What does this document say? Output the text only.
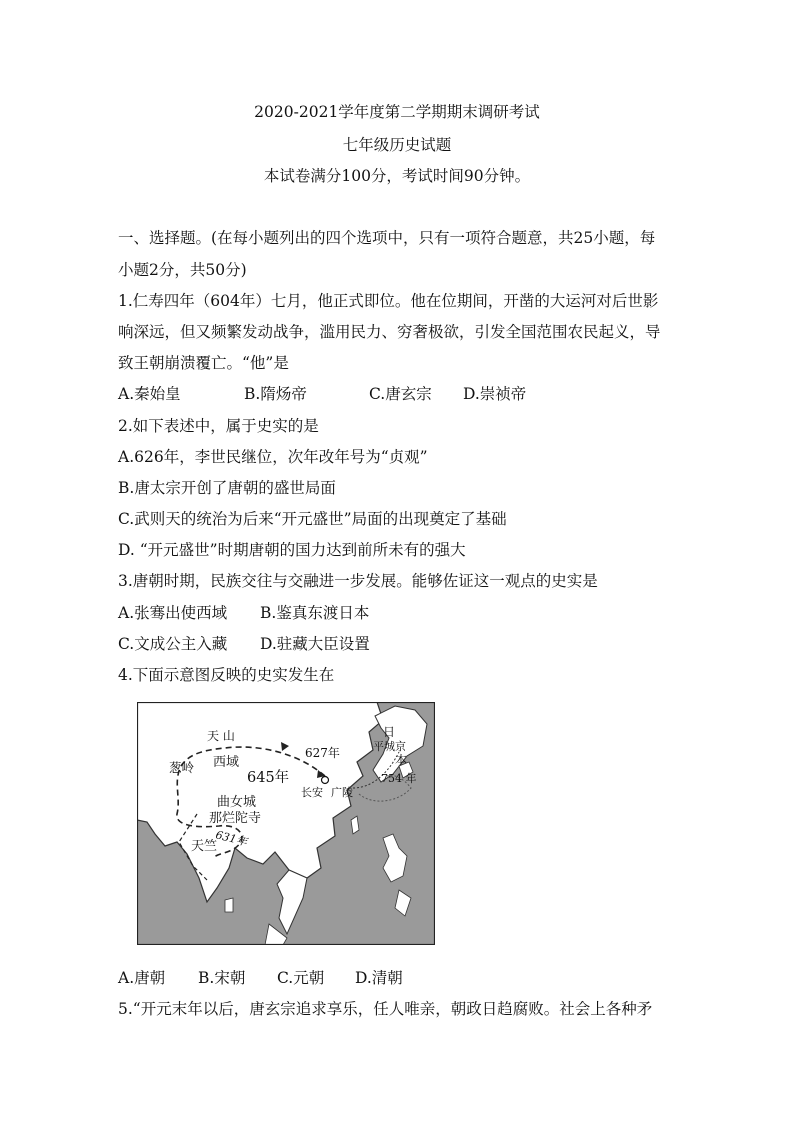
2020-2021学年度第二学期期末调研考试
七年级历史试题
本试卷满分100分，考试时间90分钟。
一、选择题。(在每小题列出的四个选项中，只有一项符合题意，共25小题，每
小题2分，共50分)
1.仁寿四年（604年）七月，他正式即位。他在位期间，开凿的大运河对后世影
响深远，但又频繁发动战争，滥用民力、穷奢极欲，引发全国范围农民起义，导
致王朝崩溃覆亡。“他”是
A.秦始皇	B.隋炀帝	C.唐玄宗 D.崇祯帝
2.如下表述中，属于史实的是
A.626年，李世民继位，次年改年号为“贞观”
B.唐太宗开创了唐朝的盛世局面
C.武则天的统治为后来“开元盛世”局面的出现奠定了基础
D. “开元盛世”时期唐朝的国力达到前所未有的强大
3.唐朝时期，民族交往与交融进一步发展。能够佐证这一观点的史实是
A.张骞出使西域 B.鉴真东渡日本
C.文成公主入藏 D.驻藏大臣设置
4.下面示意图反映的史实发生在
天 山
葱岭 西域
645年
627年
长安 广陵
曲女城
那烂陀寺
631年
天竺
日
平城京
本
754 年
A.唐朝 B.宋朝 C.元朝 D.清朝
5.“开元末年以后，唐玄宗追求享乐，任人唯亲，朝政日趋腐败。社会上各种矛
